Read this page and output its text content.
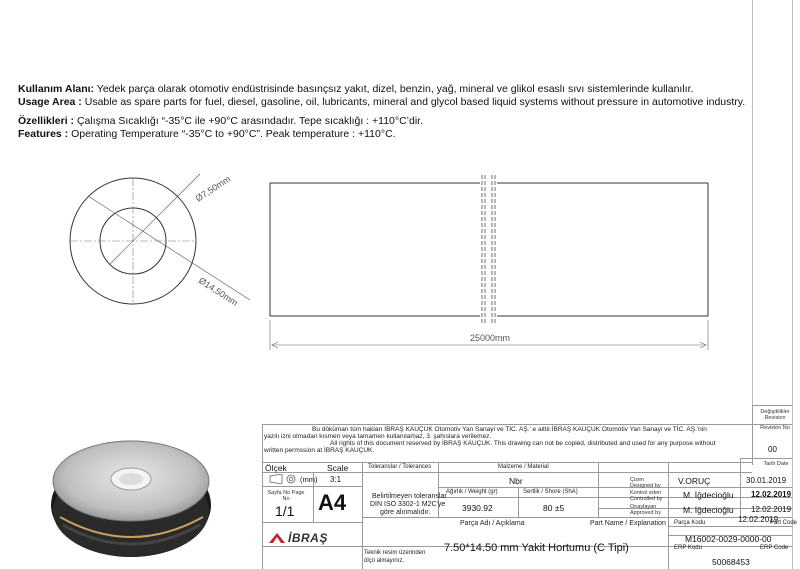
Kullanım Alanı: Yedek parça olarak otomotiv endüstrisinde basınçsız yakıt, dizel, benzin, yağ, mineral ve glikol esaslı sıvı sistemlerinde kullanılır.
Usage Area : Usable as spare parts for fuel, diesel, gasoline, oil, lubricants, mineral and glycol based liquid systems without pressure in automotive industry.
Özellikleri : Çalışma Sıcaklığı “-35°C ile +90°C arasındadır. Tepe sıcaklığı : +110°C’dir.
Features : Operating Temperature “-35°C to +90°C”. Peak temperature : +110°C.
Ø7,50mm
Ø14,50mm
25000mm
Bu döküman tüm hakları İBRAŞ KAUÇUK Otomotiv Yan Sanayi ve TİC. AŞ.' e aittir.İBRAŞ KAUÇUK Otomotiv Yan Sanayi ve TİC. AŞ.'nin
yazılı izni olmadan kısmen veya tamamen kullanılamaz, 3. şahıslara verilemez.
All rights of this document reserved by İBRAŞ KAUÇUK. This drawing can not be copied, distributed and used for any purpose without
written permssion at İBRAŞ KAUÇUK.
Değişiklikler Revision
Revision No
00
Tarih Date
Ölçek	Scale
(mm) 3:1
Sayfa No Page No
1/1 A4
İBRAŞ
Toleranslar / Tolerances
Belirtilmeyen toleranslar
DIN ISO 3302-1 M2C'ye
göre alınmalıdır.
Malzeme / Material
Nbr
Ağırlık / Weight (gr)
3930.92
Sertlik / Shore (ShA)
80 ±5
Çizen Designed by	V.ORUÇ	30.01.2019
Kontrol eden Controlled by	M. İğdecioğlu 12.02.2019
Onaylayan Approved by	M. İğdecioğlu 12.02.2019
Parça Adı / Açıklama	Part Name / Explanation
7.50*14.50 mm Yakit Hortumu (C Tipi)
Parça Kodu	Part Code
12.02.2019
M16002-0029-0000-00
ERP Kodu	ERP Code
50068453
Teknik resim üzerinden ölçü almayınız.
